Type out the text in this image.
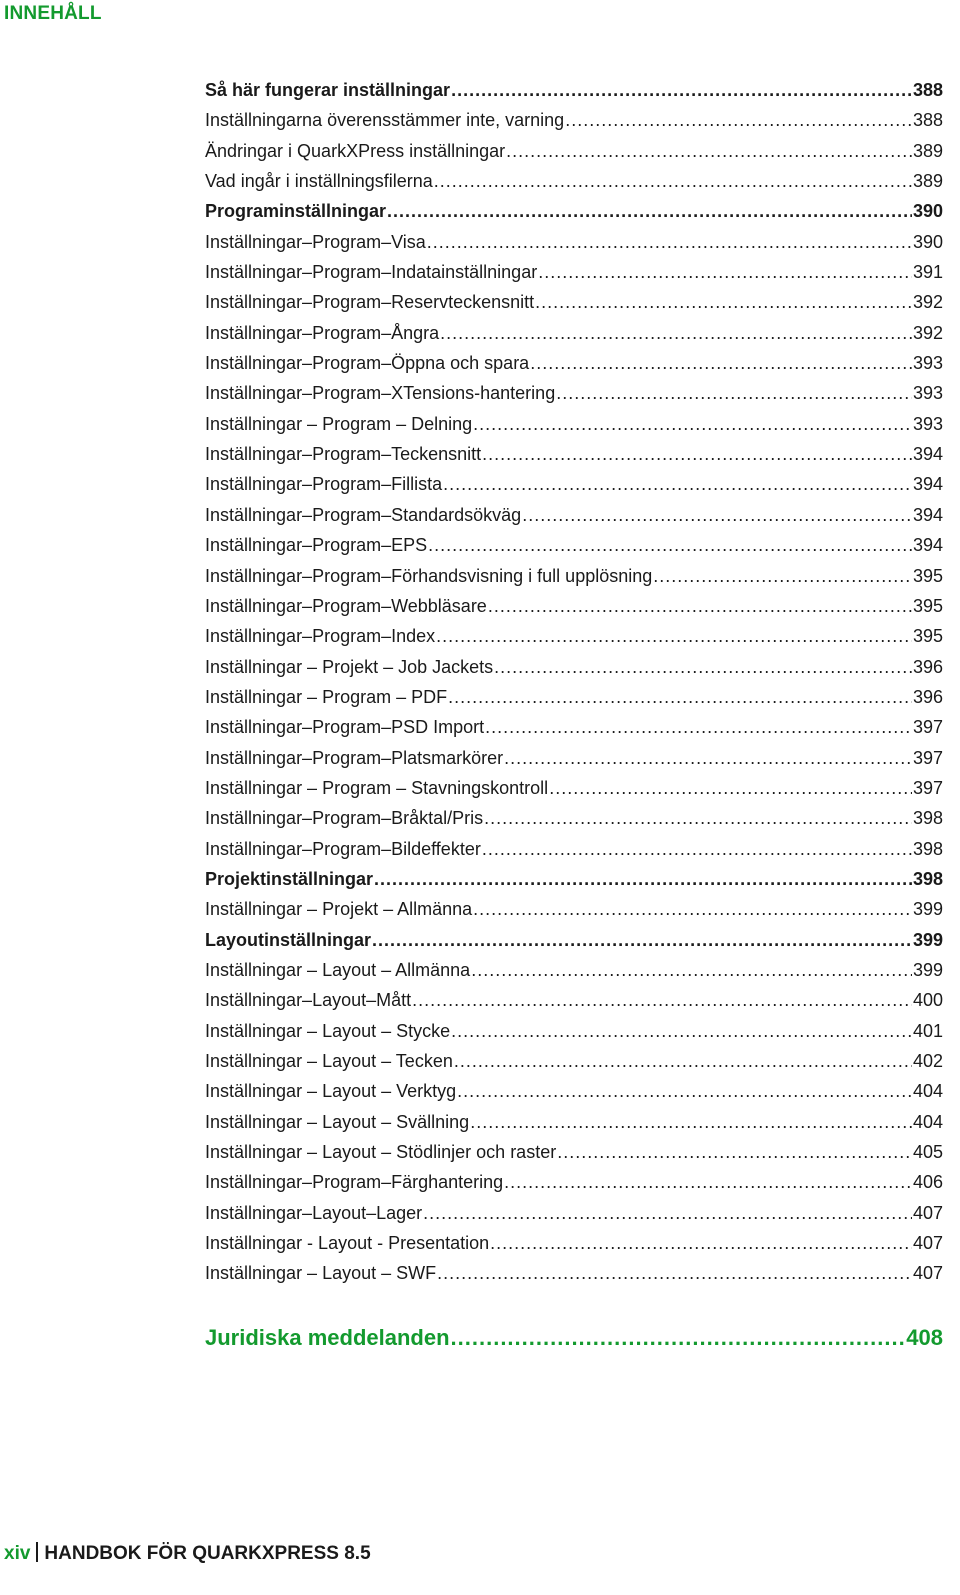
INNEHÅLL
Så här fungerar inställningar .....	388
Inställningarna överensstämmer inte, varning .....	388
Ändringar i QuarkXPress inställningar .....	389
Vad ingår i inställningsfilerna .....	389
Programinställningar .....	390
Inställningar–Program–Visa .....	390
Inställningar–Program–Indatainställningar .....	391
Inställningar–Program–Reservteckensnitt .....	392
Inställningar–Program–Ångra .....	392
Inställningar–Program–Öppna och spara .....	393
Inställningar–Program–XTensions-hantering .....	393
Inställningar – Program – Delning .....	393
Inställningar–Program–Teckensnitt .....	394
Inställningar–Program–Fillista .....	394
Inställningar–Program–Standardsökväg .....	394
Inställningar–Program–EPS .....	394
Inställningar–Program–Förhandsvisning i full upplösning .....	395
Inställningar–Program–Webbläsare .....	395
Inställningar–Program–Index .....	395
Inställningar – Projekt – Job Jackets .....	396
Inställningar – Program – PDF .....	396
Inställningar–Program–PSD Import .....	397
Inställningar–Program–Platsmarkörer .....	397
Inställningar – Program – Stavningskontroll .....	397
Inställningar–Program–Bråktal/Pris .....	398
Inställningar–Program–Bildeffekter .....	398
Projektinställningar .....	398
Inställningar – Projekt – Allmänna .....	399
Layoutinställningar .....	399
Inställningar – Layout – Allmänna .....	399
Inställningar–Layout–Mått .....	400
Inställningar – Layout – Stycke .....	401
Inställningar – Layout – Tecken .....	402
Inställningar – Layout – Verktyg .....	404
Inställningar – Layout – Svällning .....	404
Inställningar – Layout – Stödlinjer och raster .....	405
Inställningar–Program–Färghantering .....	406
Inställningar–Layout–Lager .....	407
Inställningar - Layout - Presentation .....	407
Inställningar – Layout – SWF .....	407
Juridiska meddelanden .....	408
xiv HANDBOK FÖR QUARKXPRESS 8.5
